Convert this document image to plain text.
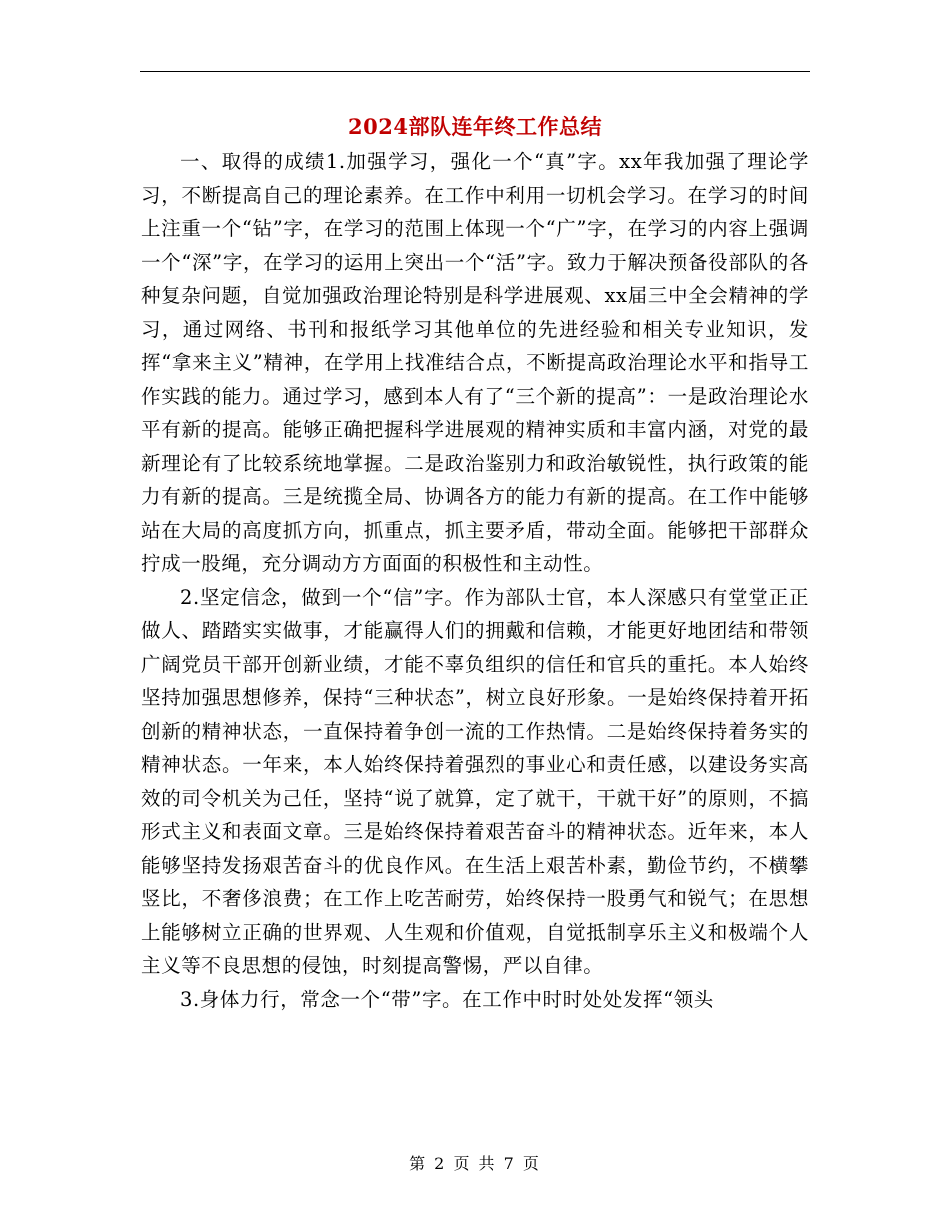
2024部队连年终工作总结

一、取得的成绩1.加强学习，强化一个“真”字。xx年我加强了理论学习，不断提高自己的理论素养。在工作中利用一切机会学习。在学习的时间上注重一个“钻”字，在学习的范围上体现一个“广”字，在学习的内容上强调一个“深”字，在学习的运用上突出一个“活”字。致力于解决预备役部队的各种复杂问题，自觉加强政治理论特别是科学进展观、xx届三中全会精神的学习，通过网络、书刊和报纸学习其他单位的先进经验和相关专业知识，发挥“拿来主义”精神，在学用上找准结合点，不断提高政治理论水平和指导工作实践的能力。通过学习，感到本人有了“三个新的提高”：一是政治理论水平有新的提高。能够正确把握科学进展观的精神实质和丰富内涵，对党的最新理论有了比较系统地掌握。二是政治鉴别力和政治敏锐性，执行政策的能力有新的提高。三是统揽全局、协调各方的能力有新的提高。在工作中能够站在大局的高度抓方向，抓重点，抓主要矛盾，带动全面。能够把干部群众拧成一股绳，充分调动方方面面的积极性和主动性。

2.坚定信念，做到一个“信”字。作为部队士官，本人深感只有堂堂正正做人、踏踏实实做事，才能赢得人们的拥戴和信赖，才能更好地团结和带领广阔党员干部开创新业绩，才能不辜负组织的信任和官兵的重托。本人始终坚持加强思想修养，保持“三种状态”，树立良好形象。一是始终保持着开拓创新的精神状态，一直保持着争创一流的工作热情。二是始终保持着务实的精神状态。一年来，本人始终保持着强烈的事业心和责任感，以建设务实高效的司令机关为己任，坚持“说了就算，定了就干，干就干好”的原则，不搞形式主义和表面文章。三是始终保持着艰苦奋斗的精神状态。近年来，本人能够坚持发扬艰苦奋斗的优良作风。在生活上艰苦朴素，勤俭节约，不横攀竖比，不奢侈浪费；在工作上吃苦耐劳，始终保持一股勇气和锐气；在思想上能够树立正确的世界观、人生观和价值观，自觉抵制享乐主义和极端个人主义等不良思想的侵蚀，时刻提高警惕，严以自律。

3.身体力行，常念一个“带”字。在工作中时时处处发挥“领头

第 2 页 共 7 页
